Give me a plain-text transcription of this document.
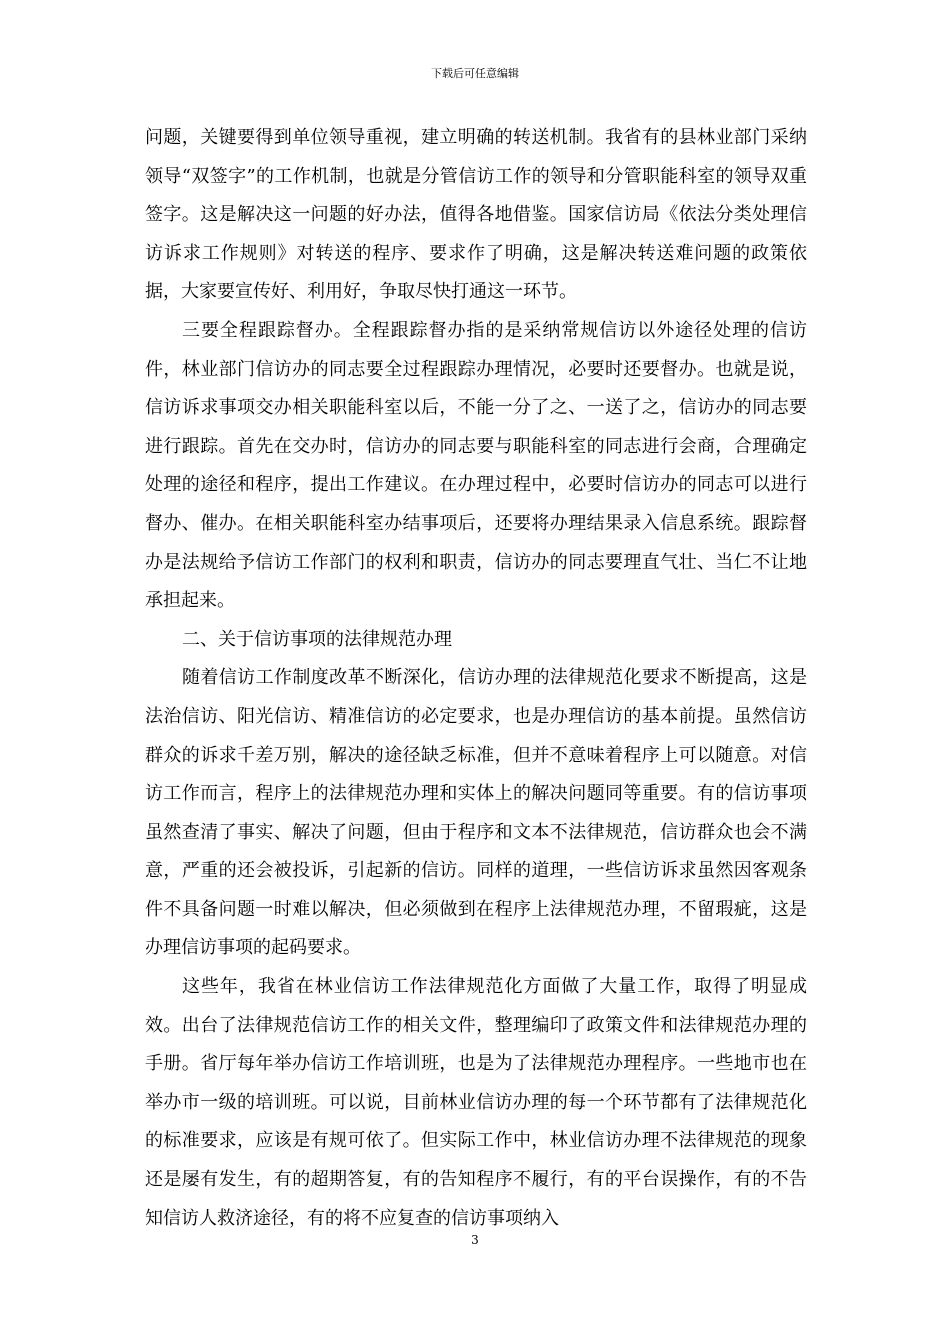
下载后可任意编辑

问题，关键要得到单位领导重视，建立明确的转送机制。我省有的县林业部门采纳领导“双签字”的工作机制，也就是分管信访工作的领导和分管职能科室的领导双重签字。这是解决这一问题的好办法，值得各地借鉴。国家信访局《依法分类处理信访诉求工作规则》对转送的程序、要求作了明确，这是解决转送难问题的政策依据，大家要宣传好、利用好，争取尽快打通这一环节。

三要全程跟踪督办。全程跟踪督办指的是采纳常规信访以外途径处理的信访件，林业部门信访办的同志要全过程跟踪办理情况，必要时还要督办。也就是说，信访诉求事项交办相关职能科室以后，不能一分了之、一送了之，信访办的同志要进行跟踪。首先在交办时，信访办的同志要与职能科室的同志进行会商，合理确定处理的途径和程序，提出工作建议。在办理过程中，必要时信访办的同志可以进行督办、催办。在相关职能科室办结事项后，还要将办理结果录入信息系统。跟踪督办是法规给予信访工作部门的权利和职责，信访办的同志要理直气壮、当仁不让地承担起来。

二、关于信访事项的法律规范办理

随着信访工作制度改革不断深化，信访办理的法律规范化要求不断提高，这是法治信访、阳光信访、精准信访的必定要求，也是办理信访的基本前提。虽然信访群众的诉求千差万别，解决的途径缺乏标准，但并不意味着程序上可以随意。对信访工作而言，程序上的法律规范办理和实体上的解决问题同等重要。有的信访事项虽然查清了事实、解决了问题，但由于程序和文本不法律规范，信访群众也会不满意，严重的还会被投诉，引起新的信访。同样的道理，一些信访诉求虽然因客观条件不具备问题一时难以解决，但必须做到在程序上法律规范办理，不留瑕疵，这是办理信访事项的起码要求。

这些年，我省在林业信访工作法律规范化方面做了大量工作，取得了明显成效。出台了法律规范信访工作的相关文件，整理编印了政策文件和法律规范办理的手册。省厅每年举办信访工作培训班，也是为了法律规范办理程序。一些地市也在举办市一级的培训班。可以说，目前林业信访办理的每一个环节都有了法律规范化的标准要求，应该是有规可依了。但实际工作中，林业信访办理不法律规范的现象还是屡有发生，有的超期答复，有的告知程序不履行，有的平台误操作，有的不告知信访人救济途径，有的将不应复查的信访事项纳入

3
